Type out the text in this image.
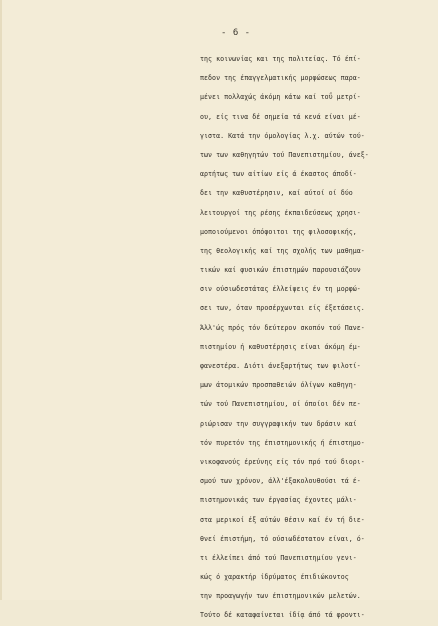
- 6 -
της κοινωνίας και της πολιτείας. Τό έπί-
πεδον της έπαγγελματικής μορφώσεως παρα-
μένει πολλαχώς άκόμη κάτω καί τοΰ μετρί-
ου, είς τινα δέ σημεία τά κενά είναι μέ-
γιστα. Κατά την όμολογίας λ.χ. αύτών τού-
των των καθηγητών τού Πανεπιστημίου, άνεξ-
αρτήτως των αίτίων είς ά έκαστος άποδί-
δει την καθυστέρησιν, καί αύτοί οί δύο
λειτουργοί της ρέσης έκπαιδεύσεως χρησι-
μοποιούμενοι όπόφοιτοι της φιλοσοφικής,
της θεολογικής καί της σχολής των μαθημα-
τικών καί φυσικών έπιστημών παρουσιάζουν
σιν ούσιωδεστάτας έλλείψεις έν τη μορφώ-
σει των, όταν προσέρχωνται είς έξετάσεις.
Άλλ'ώς πρός τόν δεύτερον σκοπόν τού Πανε-
πιστημίου ή καθυστέρησις είναι άκόμη έμ-
φανεστέρα. Διότι άνεξαρτήτως των φιλοτί-
μων άτομικών προσπαθειών όλίγων καθηγη-
τών τού Πανεπιστημίου, οί όποίοι δέν πε-
ριώρισαν την συγγραφικήν των δράσιν καί
τόν πυρετόν της έπιστημονικής ή έπιστημο-
νικοφανούς έρεύνης είς τόν πρό τού διορι-
σμού των χρόνον, άλλ'έξακολουθούσι τά έ-
πιστημονικάς των έργασίας έχοντες μάλι-
στα μερικοί έξ αύτών θέσιν καί έν τή διε-
θνεί έπιστήμη, τό ούσιωδέστατον είναι, ό-
τι έλλείπει άπό τού Πανεπιστημίου γενι-
κώς ό χαρακτήρ ίδρύματος έπιδιώκοντος
την προαγωγήν των έπιστημονικών μελετών.
Τούτο δέ καταφαίνεται ίδίᾳ άπό τά φροντι-
